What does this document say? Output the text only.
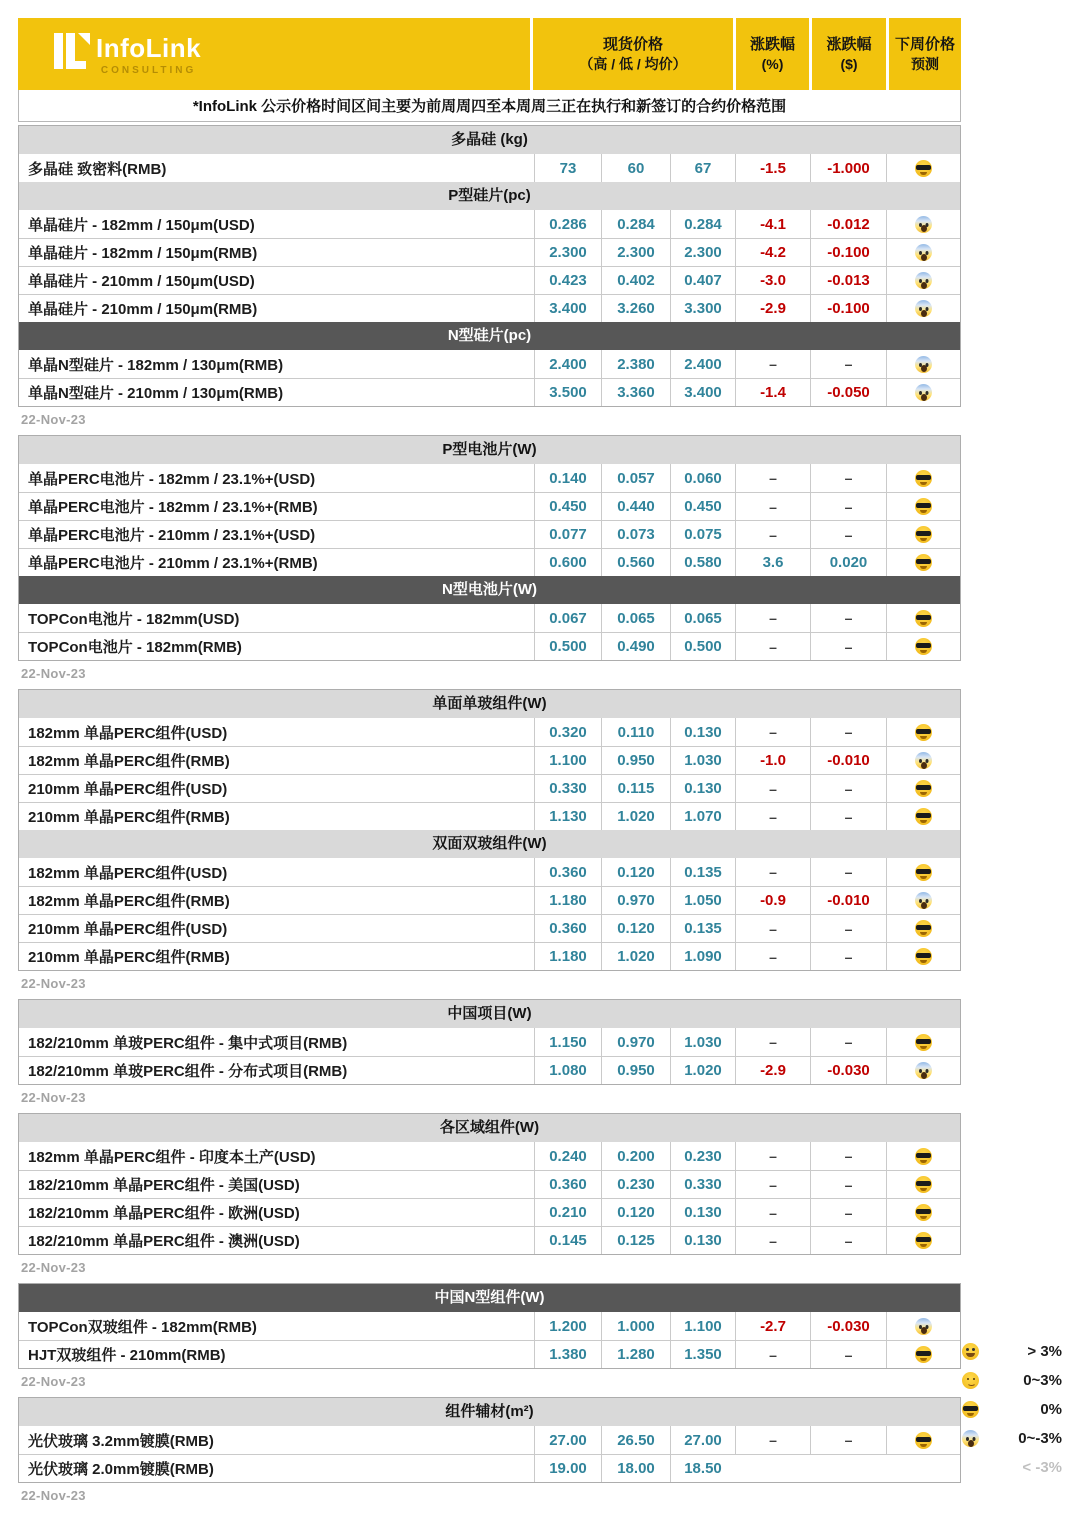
InfoLink
CONSULTING
现货价格
（高 / 低 / 均价）
涨跌幅
(%)
涨跌幅
($)
下周价格
预测
*InfoLink 公示价格时间区间主要为前周周四至本周周三正在执行和新签订的合约价格范围
多晶硅 (kg)
多晶硅 致密料(RMB)	73	60	67	-1.5	-1.000
P型硅片(pc)
单晶硅片 - 182mm / 150μm(USD)	0.286	0.284	0.284	-4.1	-0.012
单晶硅片 - 182mm / 150μm(RMB)	2.300	2.300	2.300	-4.2	-0.100
单晶硅片 - 210mm / 150μm(USD)	0.423	0.402	0.407	-3.0	-0.013
单晶硅片 - 210mm / 150μm(RMB)	3.400	3.260	3.300	-2.9	-0.100
N型硅片(pc)
单晶N型硅片 - 182mm / 130μm(RMB)	2.400	2.380	2.400	–	–
单晶N型硅片 - 210mm / 130μm(RMB)	3.500	3.360	3.400	-1.4	-0.050
22-Nov-23
P型电池片(W)
单晶PERC电池片 - 182mm / 23.1%+(USD)	0.140	0.057	0.060	–	–
单晶PERC电池片 - 182mm / 23.1%+(RMB)	0.450	0.440	0.450	–	–
单晶PERC电池片 - 210mm / 23.1%+(USD)	0.077	0.073	0.075	–	–
单晶PERC电池片 - 210mm / 23.1%+(RMB)	0.600	0.560	0.580	3.6	0.020
N型电池片(W)
TOPCon电池片 - 182mm(USD)	0.067	0.065	0.065	–	–
TOPCon电池片 - 182mm(RMB)	0.500	0.490	0.500	–	–
22-Nov-23
单面单玻组件(W)
182mm 单晶PERC组件(USD)	0.320	0.110	0.130	–	–
182mm 单晶PERC组件(RMB)	1.100	0.950	1.030	-1.0	-0.010
210mm 单晶PERC组件(USD)	0.330	0.115	0.130	–	–
210mm 单晶PERC组件(RMB)	1.130	1.020	1.070	–	–
双面双玻组件(W)
182mm 单晶PERC组件(USD)	0.360	0.120	0.135	–	–
182mm 单晶PERC组件(RMB)	1.180	0.970	1.050	-0.9	-0.010
210mm 单晶PERC组件(USD)	0.360	0.120	0.135	–	–
210mm 单晶PERC组件(RMB)	1.180	1.020	1.090	–	–
22-Nov-23
中国项目(W)
182/210mm 单玻PERC组件 - 集中式项目(RMB)	1.150	0.970	1.030	–	–
182/210mm 单玻PERC组件 - 分布式项目(RMB)	1.080	0.950	1.020	-2.9	-0.030
22-Nov-23
各区域组件(W)
182mm 单晶PERC组件 - 印度本土产(USD)	0.240	0.200	0.230	–	–
182/210mm 单晶PERC组件 - 美国(USD)	0.360	0.230	0.330	–	–
182/210mm 单晶PERC组件 - 欧洲(USD)	0.210	0.120	0.130	–	–
182/210mm 单晶PERC组件 - 澳洲(USD)	0.145	0.125	0.130	–	–
22-Nov-23
中国N型组件(W)
TOPCon双玻组件 - 182mm(RMB)	1.200	1.000	1.100	-2.7	-0.030
HJT双玻组件 - 210mm(RMB)	1.380	1.280	1.350	–	–
22-Nov-23
组件辅材(m²)
光伏玻璃 3.2mm镀膜(RMB)	27.00	26.50	27.00	–	–
光伏玻璃 2.0mm镀膜(RMB)	19.00	18.00	18.50
22-Nov-23
> 3%
0~3%
0%
0~-3%
< -3%
